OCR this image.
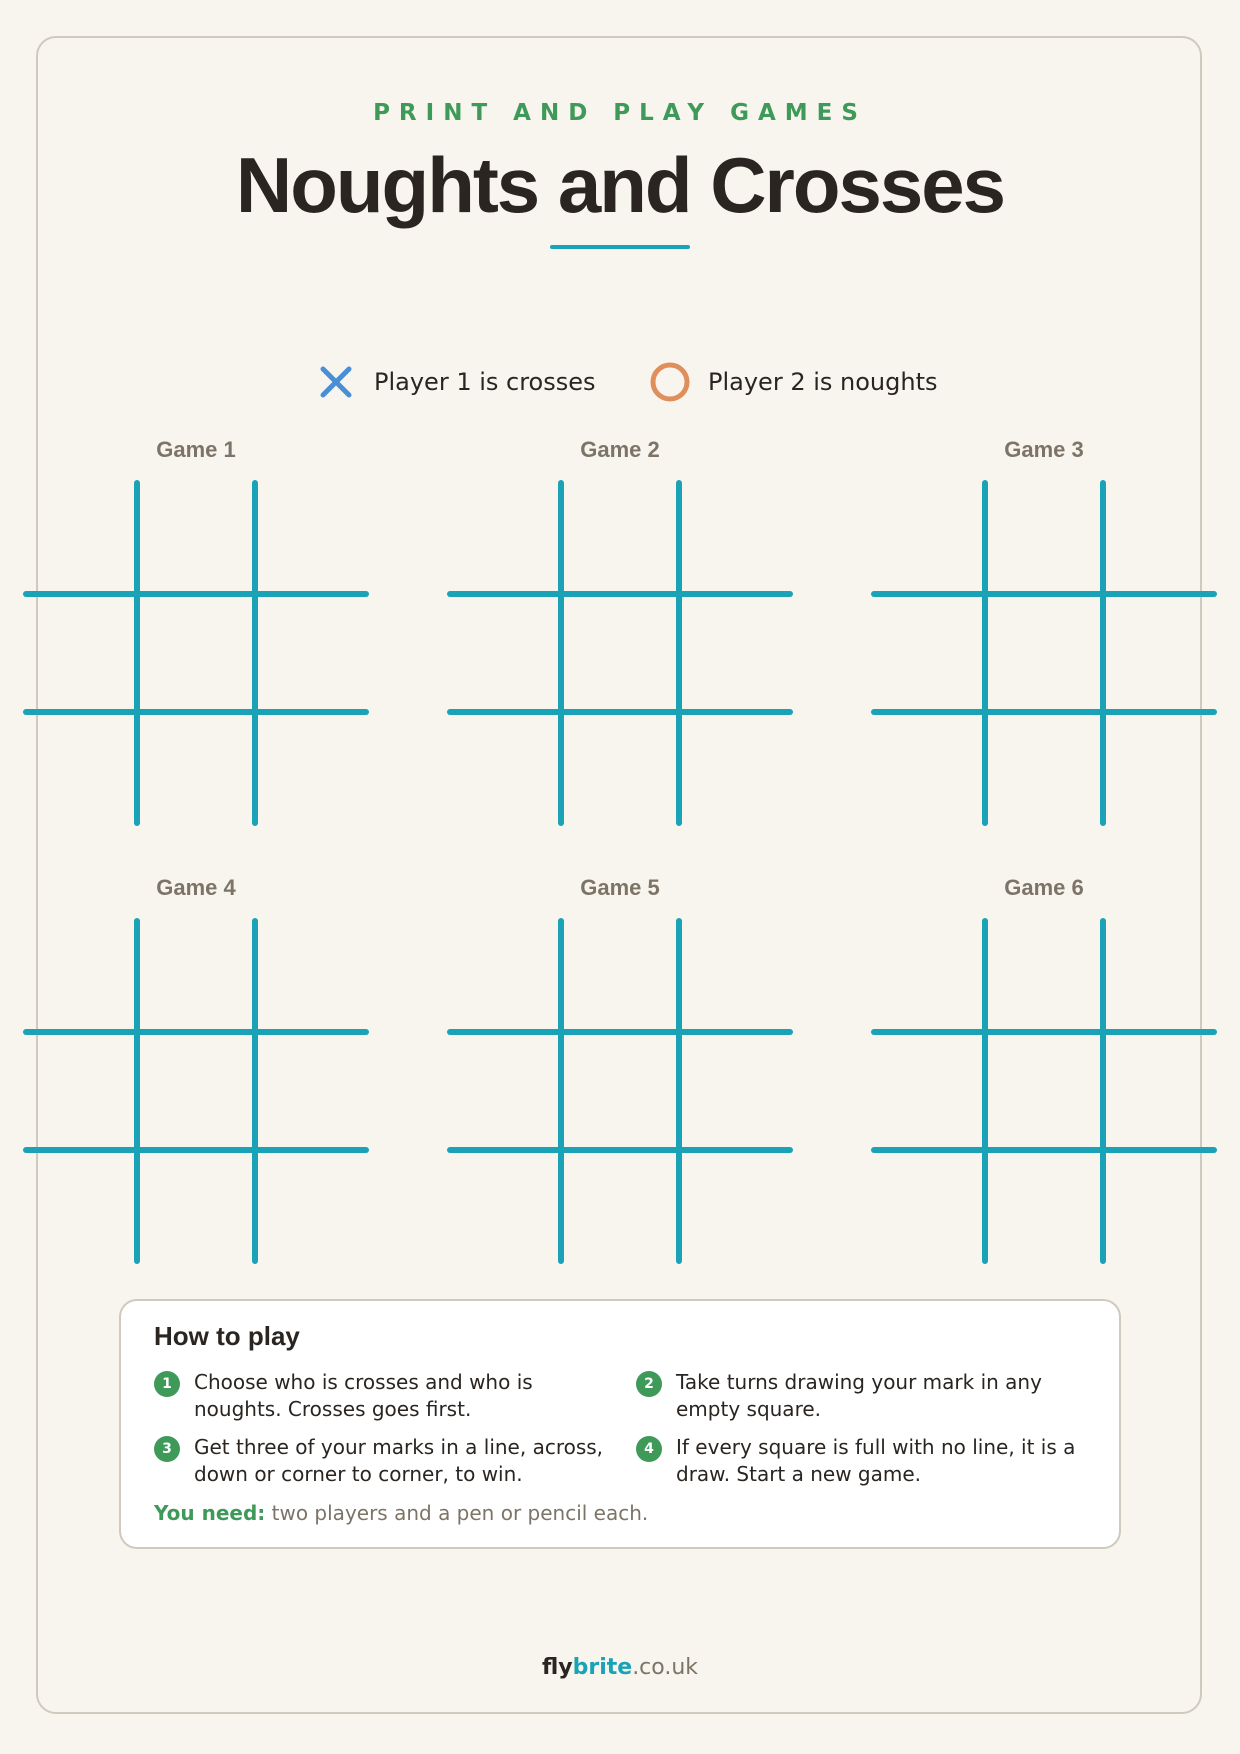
PRINT AND PLAY GAMES
Noughts and Crosses
Player 1 is crosses	Player 2 is noughts
Game 1	Game 2	Game 3
Game 4	Game 5	Game 6
How to play
1	Choose who is crosses and who is noughts. Crosses goes first.
2	Take turns drawing your mark in any empty square.
3	Get three of your marks in a line, across, down or corner to corner, to win.
4	If every square is full with no line, it is a draw. Start a new game.
You need: two players and a pen or pencil each.
flybrite.co.uk
